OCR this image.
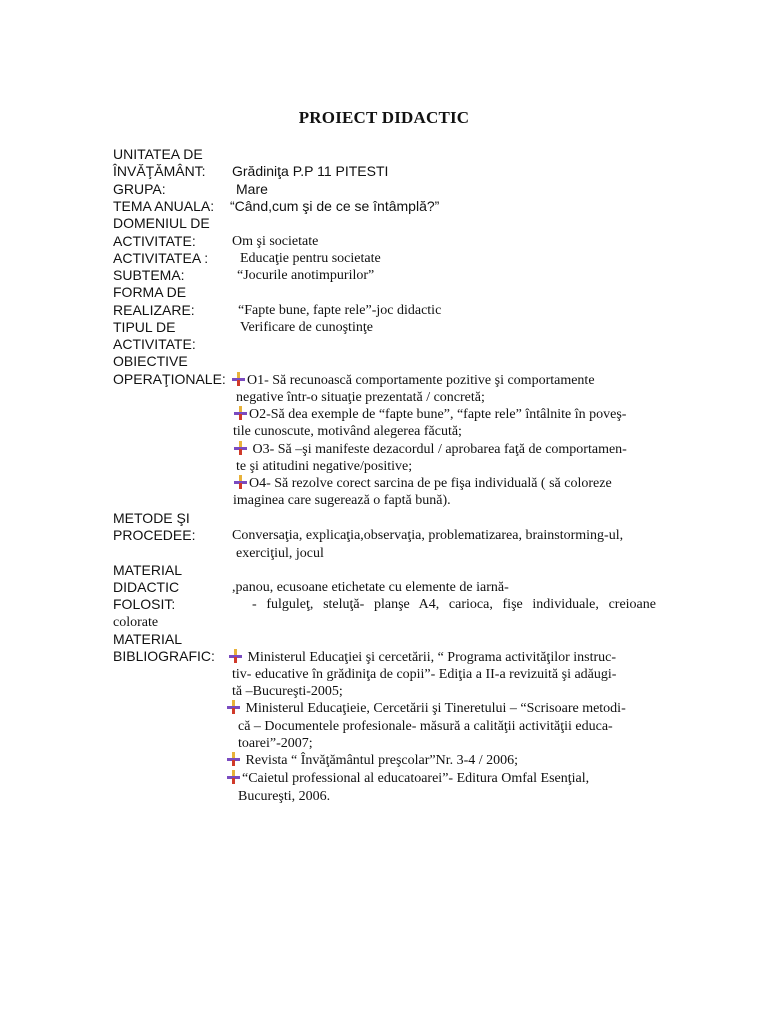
PROIECT DIDACTIC
UNITATEA DE
ÎNVĂŢĂMÂNT:
GRUPA:
TEMA ANUALA:
DOMENIUL DE
ACTIVITATE:
ACTIVITATEA :
SUBTEMA:
FORMA DE
REALIZARE:
TIPUL DE
ACTIVITATE:
OBIECTIVE
OPERAŢIONALE:
METODE ŞI
PROCEDEE:
MATERIAL
DIDACTIC
FOLOSIT:
MATERIAL
BIBLIOGRAFIC:
Grădiniţa P.P 11 PITESTI
Mare
“Când,cum şi de ce se întâmplă?”
Om şi societate
Educaţie pentru societate
“Jocurile anotimpurilor”
“Fapte bune, fapte rele”-joc didactic
Verificare de cunoştinţe
O1- Să recunoască comportamente pozitive şi comportamente
negative într-o situaţie prezentată / concretă;
O2-Să dea exemple de “fapte bune”, “fapte rele” întâlnite în poveş-
tile cunoscute, motivând alegerea făcută;
O3- Să –şi manifeste dezacordul / aprobarea faţă de comportamen-
te şi atitudini negative/positive;
O4- Să rezolve corect sarcina de pe fişa individuală ( să coloreze
imaginea care sugerează o faptă bună).
Conversaţia, explicaţia,observaţia, problematizarea, brainstorming-ul,
exerciţiul, jocul
,panou, ecusoane etichetate cu elemente de iarnă-
- fulguleţ, steluţă- planşe A4, carioca, fişe individuale, creioane
colorate
Ministerul Educaţiei şi cercetării, “ Programa activităţilor instruc-
tiv- educative în grădiniţa de copii”- Ediţia a II-a revizuită şi adăugi-
tă –Bucureşti-2005;
Ministerul Educaţieie, Cercetării şi Tineretului – “Scrisoare metodi-
că – Documentele profesionale- măsură a calităţii activităţii educa-
toarei”-2007;
Revista “ Învăţământul preşcolar”Nr. 3-4 / 2006;
“Caietul professional al educatoarei”- Editura Omfal Esenţial,
Bucureşti, 2006.
